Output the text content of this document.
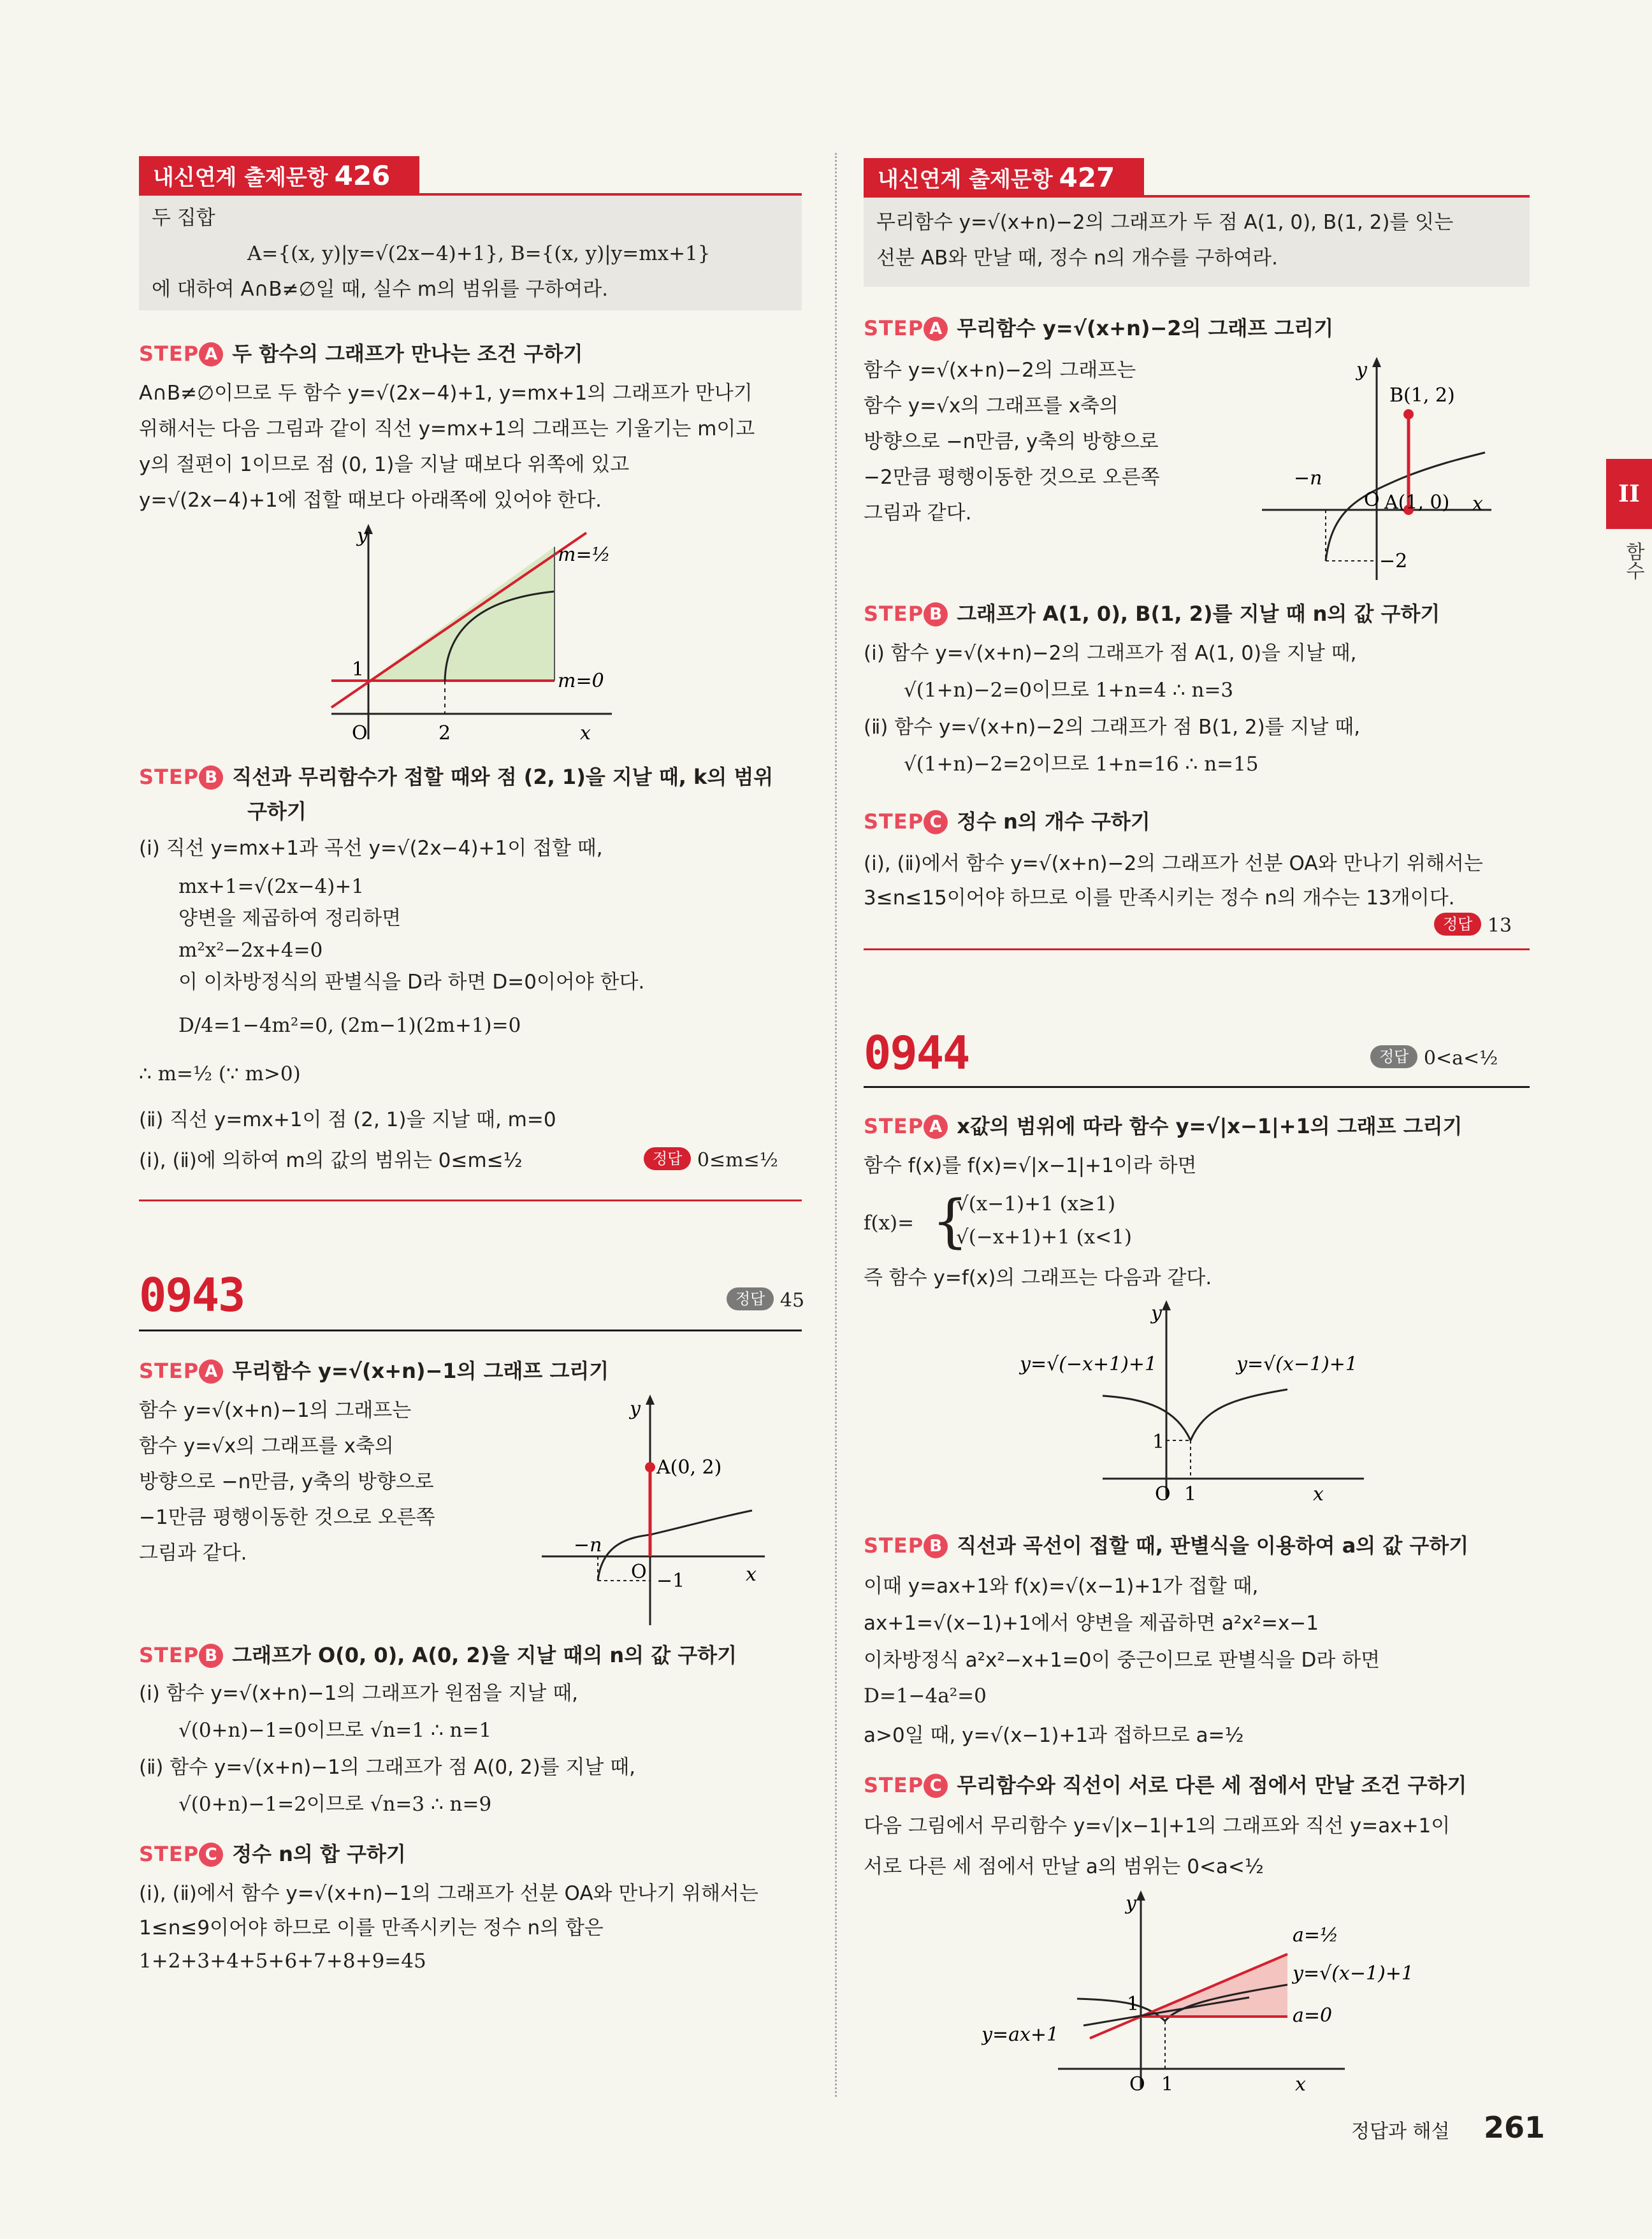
내신연계 출제문항 426
두 집합
A={(x, y)|y=√(2x−4)+1}, B={(x, y)|y=mx+1}
에 대하여 A∩B≠∅일 때, 실수 m의 범위를 구하여라.
STEP A 두 함수의 그래프가 만나는 조건 구하기
A∩B≠∅이므로 두 함수 y=√(2x−4)+1, y=mx+1의 그래프가 만나기
위해서는 다음 그림과 같이 직선 y=mx+1의 그래프는 기울기는 m이고
y의 절편이 1이므로 점 (0, 1)을 지날 때보다 위쪽에 있고
y=√(2x−4)+1에 접할 때보다 아래쪽에 있어야 한다.
y
x
O
1
2
m=½
m=0
STEP B 직선과 무리함수가 접할 때와 점 (2, 1)을 지날 때, k의 범위
구하기
(ⅰ) 직선 y=mx+1과 곡선 y=√(2x−4)+1이 접할 때,
mx+1=√(2x−4)+1
양변을 제곱하여 정리하면
m²x²−2x+4=0
이 이차방정식의 판별식을 D라 하면 D=0이어야 한다.
D/4=1−4m²=0, (2m−1)(2m+1)=0
∴ m=½ (∵ m>0)
(ⅱ) 직선 y=mx+1이 점 (2, 1)을 지날 때, m=0
(ⅰ), (ⅱ)에 의하여 m의 값의 범위는 0≤m≤½	정답 0≤m≤½
0943	정답 45
STEP A 무리함수 y=√(x+n)−1의 그래프 그리기
함수 y=√(x+n)−1의 그래프는
함수 y=√x의 그래프를 x축의
방향으로 −n만큼, y축의 방향으로
−1만큼 평행이동한 것으로 오른쪽
그림과 같다.
y
x
O
A(0, 2)
−n
−1
STEP B 그래프가 O(0, 0), A(0, 2)을 지날 때의 n의 값 구하기
(ⅰ) 함수 y=√(x+n)−1의 그래프가 원점을 지날 때,
√(0+n)−1=0이므로 √n=1 ∴ n=1
(ⅱ) 함수 y=√(x+n)−1의 그래프가 점 A(0, 2)를 지날 때,
√(0+n)−1=2이므로 √n=3 ∴ n=9
STEP C 정수 n의 합 구하기
(ⅰ), (ⅱ)에서 함수 y=√(x+n)−1의 그래프가 선분 OA와 만나기 위해서는
1≤n≤9이어야 하므로 이를 만족시키는 정수 n의 합은
1+2+3+4+5+6+7+8+9=45
내신연계 출제문항 427
무리함수 y=√(x+n)−2의 그래프가 두 점 A(1, 0), B(1, 2)를 잇는
선분 AB와 만날 때, 정수 n의 개수를 구하여라.
STEP A 무리함수 y=√(x+n)−2의 그래프 그리기
함수 y=√(x+n)−2의 그래프는
함수 y=√x의 그래프를 x축의
방향으로 −n만큼, y축의 방향으로
−2만큼 평행이동한 것으로 오른쪽
그림과 같다.
y
x
O A(1, 0)
B(1, 2)
−n
−2
STEP B 그래프가 A(1, 0), B(1, 2)를 지날 때 n의 값 구하기
(ⅰ) 함수 y=√(x+n)−2의 그래프가 점 A(1, 0)을 지날 때,
√(1+n)−2=0이므로 1+n=4 ∴ n=3
(ⅱ) 함수 y=√(x+n)−2의 그래프가 점 B(1, 2)를 지날 때,
√(1+n)−2=2이므로 1+n=16 ∴ n=15
STEP C 정수 n의 개수 구하기
(ⅰ), (ⅱ)에서 함수 y=√(x+n)−2의 그래프가 선분 OA와 만나기 위해서는
3≤n≤15이어야 하므로 이를 만족시키는 정수 n의 개수는 13개이다.
정답 13
0944	정답 0<a<½
STEP A x값의 범위에 따라 함수 y=√|x−1|+1의 그래프 그리기
함수 f(x)를 f(x)=√|x−1|+1이라 하면
f(x)= {
√(x−1)+1 (x≥1)
√(−x+1)+1 (x<1)
즉 함수 y=f(x)의 그래프는 다음과 같다.
y
x
O 1
1
y=√(−x+1)+1	y=√(x−1)+1
STEP B 직선과 곡선이 접할 때, 판별식을 이용하여 a의 값 구하기
이때 y=ax+1와 f(x)=√(x−1)+1가 접할 때,
ax+1=√(x−1)+1에서 양변을 제곱하면 a²x²=x−1
이차방정식 a²x²−x+1=0이 중근이므로 판별식을 D라 하면
D=1−4a²=0
a>0일 때, y=√(x−1)+1과 접하므로 a=½
STEP C 무리함수와 직선이 서로 다른 세 점에서 만날 조건 구하기
다음 그림에서 무리함수 y=√|x−1|+1의 그래프와 직선 y=ax+1이
서로 다른 세 점에서 만날 a의 범위는 0<a<½
y
x
O 1
1
a=½
y=√(x−1)+1
a=0
y=ax+1
II
함수
정답과 해설 261
